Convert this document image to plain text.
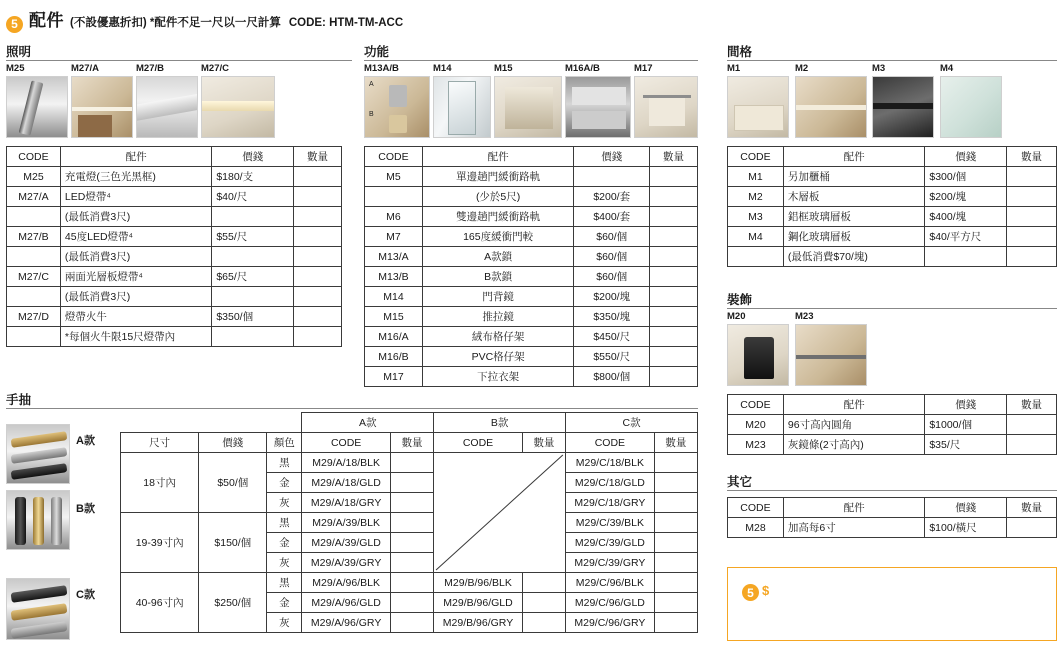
5 配件 (不設優惠折扣) *配件不足一尺以一尺計算 CODE: HTM-TM-ACC
照明	功能	間格
裝飾
其它
手抽
M25	M27/A	M27/B	M27/C
CODE	配件	價錢	數量
M25	充電燈(三色光黑框)	$180/支	
M27/A	LED燈帶⁴	$40/尺	
	(最低消費3尺)		
M27/B	45度LED燈帶⁴	$55/尺	
	(最低消費3尺)		
M27/C	兩面光層板燈帶⁴	$65/尺	
	(最低消費3尺)		
M27/D	燈帶火牛	$350/個	
	*每個火牛限15尺燈帶內		
M13A/B
A
B
M14	M15	M16A/B	M17
CODE	配件	價錢	數量
M5	單邊趟門緩衝路軌		
	(少於5尺)	$200/套	
M6	雙邊趟門緩衝路軌	$400/套	
M7	165度緩衝門較	$60/個	
M13/A	A款鎖	$60/個	
M13/B	B款鎖	$60/個	
M14	門背鏡	$200/塊	
M15	推拉鏡	$350/塊	
M16/A	絨布格仔架	$450/尺	
M16/B	PVC格仔架	$550/尺	
M17	下拉衣架	$800/個	
M1	M2	M3	M4
CODE	配件	價錢	數量
M1	另加櫃桶	$300/個	
M2	木層板	$200/塊	
M3	鋁框玻璃層板	$400/塊	
M4	鋼化玻璃層板	$40/平方尺	
	(最低消費$70/塊)		
M20	M23
CODE	配件	價錢	數量
M20	96寸高內圓角	$1000/個	
M23	灰鏡條(2寸高內)	$35/尺	
CODE	配件	價錢	數量
M28	加高每6寸	$100/橫尺	
5 $
A款
B款
C款
			A款		B款		C款	
尺寸	價錢	顏色	CODE	數量	CODE	數量	CODE	數量
18寸內	$50/個	黑	M29/A/18/BLK				M29/C/18/BLK	
		金	M29/A/18/GLD				M29/C/18/GLD	
		灰	M29/A/18/GRY				M29/C/18/GRY	
19-39寸內	$150/個	黑	M29/A/39/BLK				M29/C/39/BLK	
		金	M29/A/39/GLD				M29/C/39/GLD	
		灰	M29/A/39/GRY				M29/C/39/GRY	
40-96寸內	$250/個	黑	M29/A/96/BLK		M29/B/96/BLK		M29/C/96/BLK	
		金	M29/A/96/GLD		M29/B/96/GLD		M29/C/96/GLD	
		灰	M29/A/96/GRY		M29/B/96/GRY		M29/C/96/GRY	
